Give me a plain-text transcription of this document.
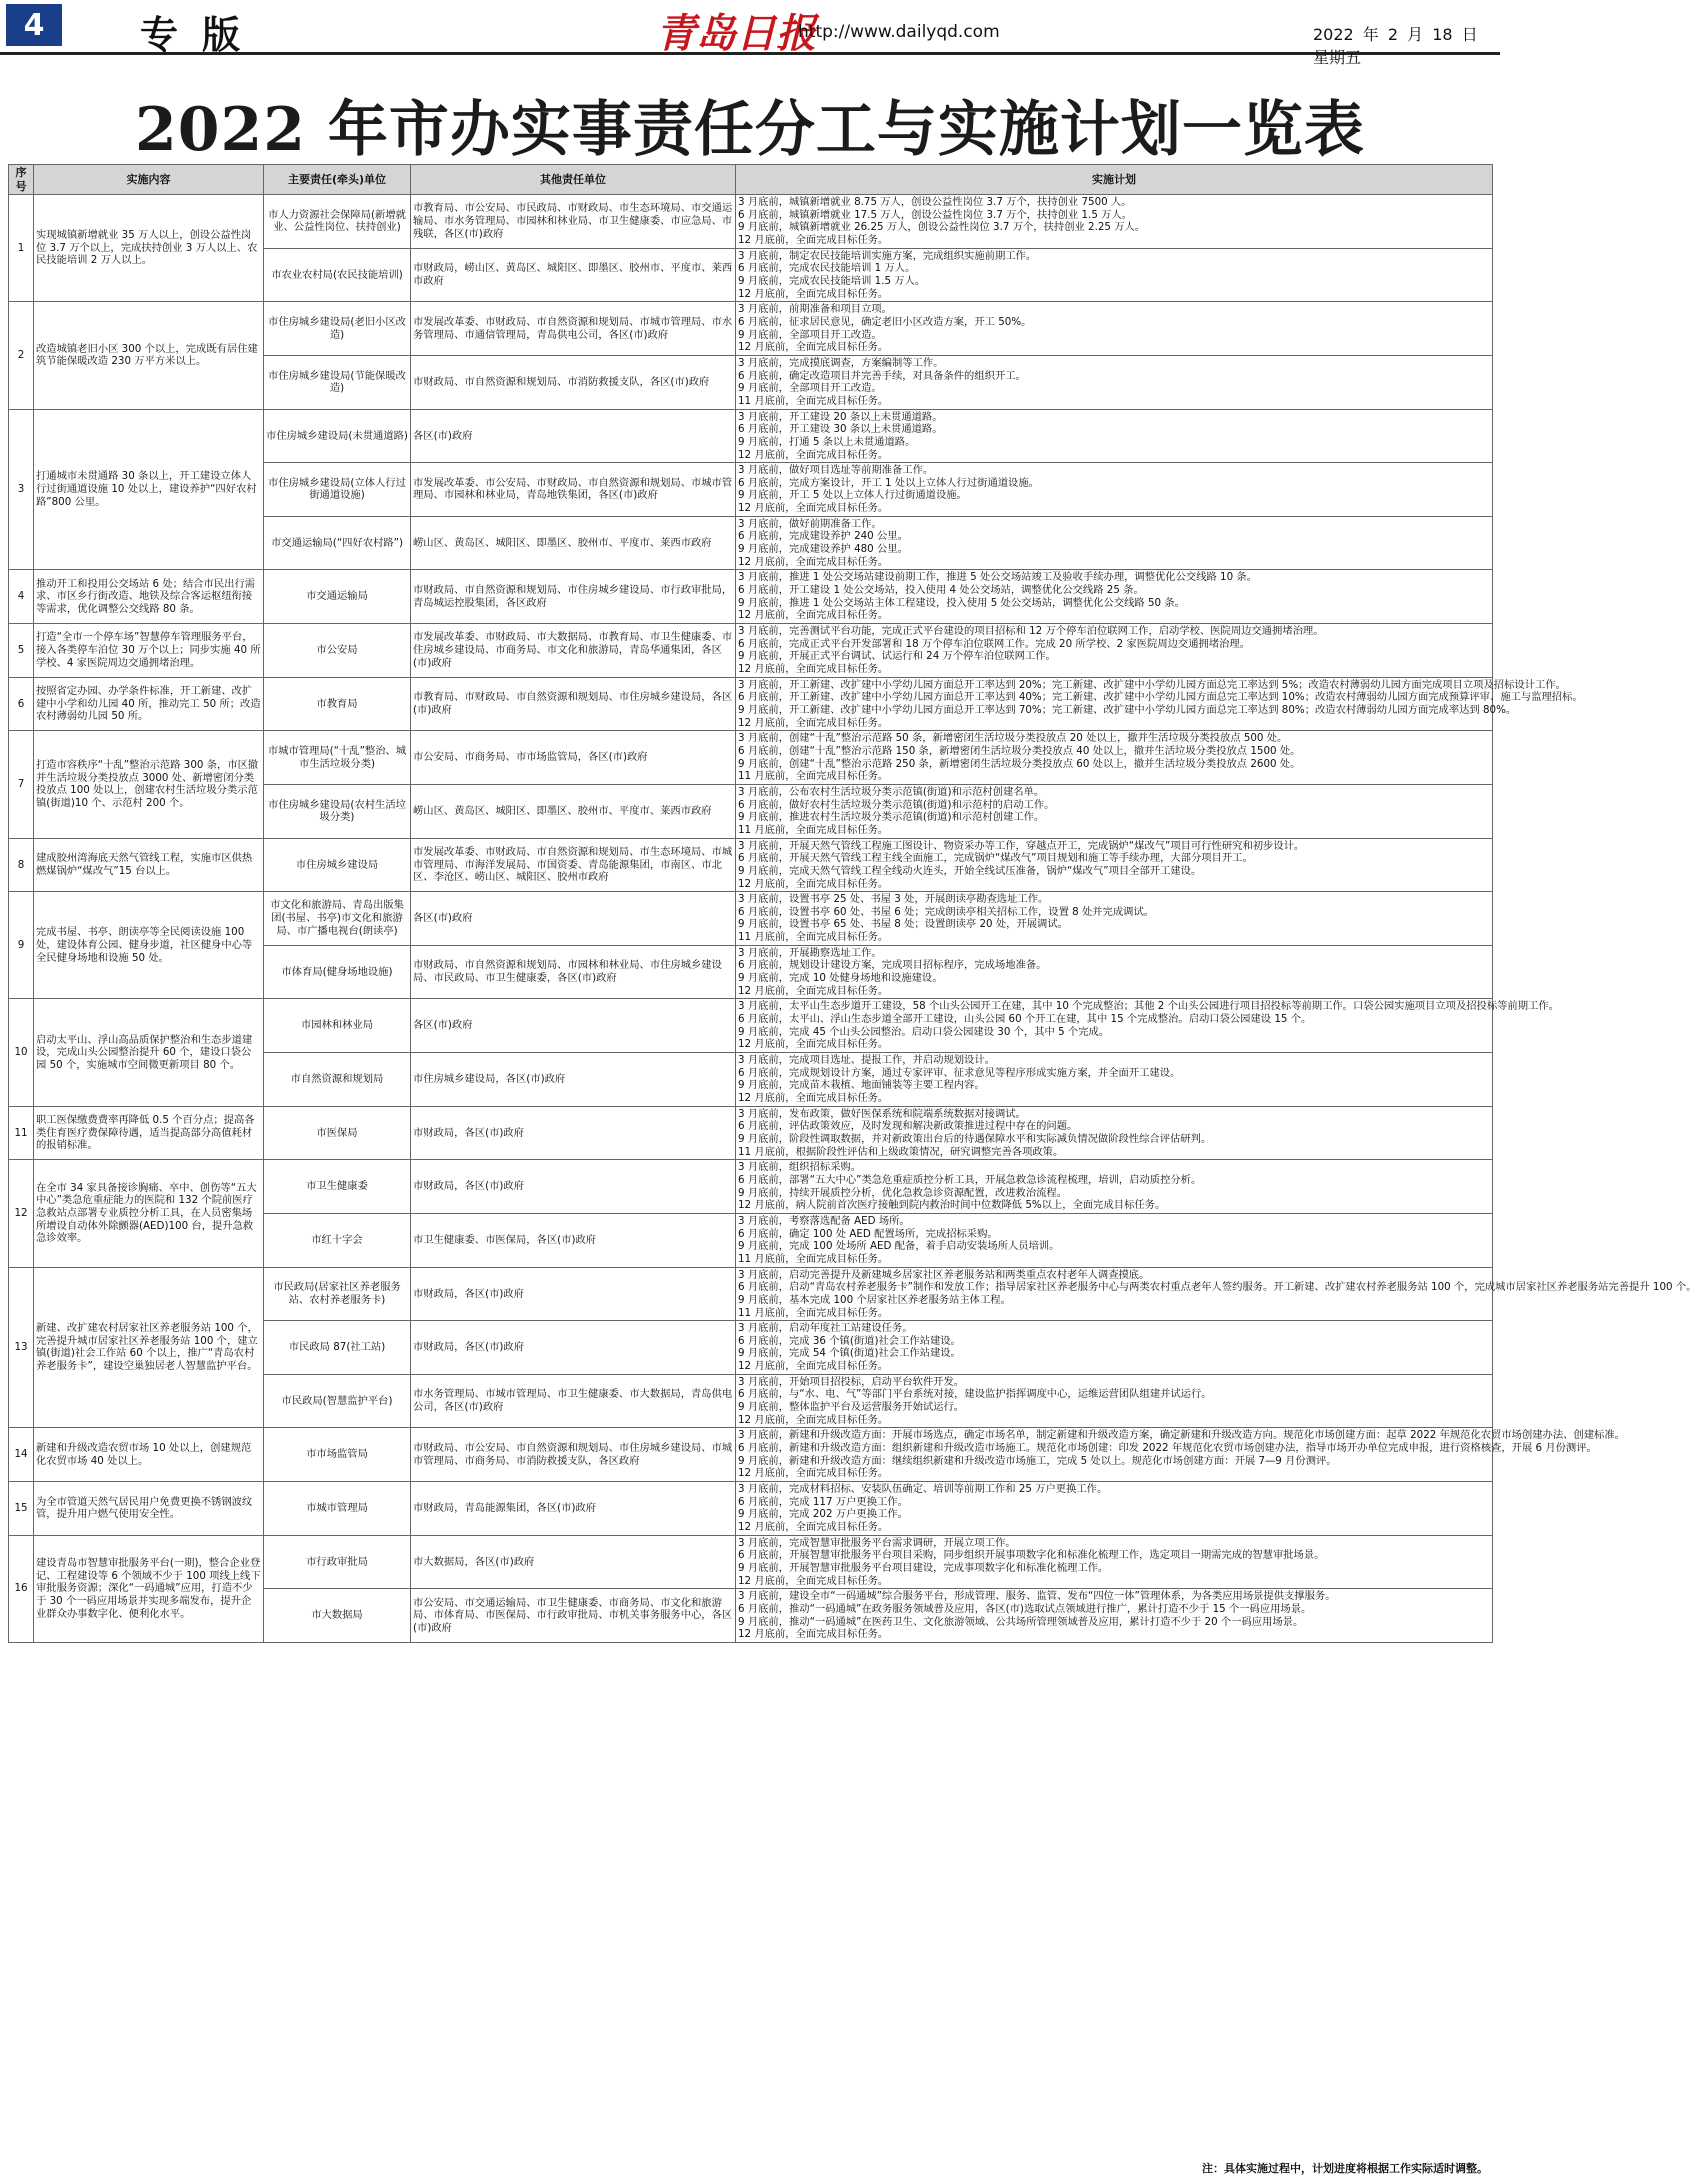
4	专版	青岛日报
http://www.dailyqd.com	2022 年 2 月 18 日 星期五
2022 年市办实事责任分工与实施计划一览表
序号	实施内容	主要责任(牵头)单位	其他责任单位	实施计划
1	实现城镇新增就业 35 万人以上，创设公益性岗位 3.7 万个以上，完成扶持创业 3 万人以上、农民技能培训 2 万人以上。	市人力资源社会保障局(新增就业、公益性岗位、扶持创业)	市教育局、市公安局、市民政局、市财政局、市生态环境局、市交通运输局、市水务管理局、市园林和林业局、市卫生健康委、市应急局、市残联，各区(市)政府	3 月底前，城镇新增就业 8.75 万人，创设公益性岗位 3.7 万个，扶持创业 7500 人。
6 月底前，城镇新增就业 17.5 万人，创设公益性岗位 3.7 万个，扶持创业 1.5 万人。
9 月底前，城镇新增就业 26.25 万人，创设公益性岗位 3.7 万个，扶持创业 2.25 万人。
12 月底前，全面完成目标任务。

		市农业农村局(农民技能培训)	市财政局，崂山区、黄岛区、城阳区、即墨区、胶州市、平度市、莱西市政府	3 月底前，制定农民技能培训实施方案，完成组织实施前期工作。
6 月底前，完成农民技能培训 1 万人。
9 月底前，完成农民技能培训 1.5 万人。
12 月底前，全面完成目标任务。

2	改造城镇老旧小区 300 个以上，完成既有居住建筑节能保暖改造 230 万平方米以上。	市住房城乡建设局(老旧小区改造)	市发展改革委、市财政局、市自然资源和规划局、市城市管理局、市水务管理局、市通信管理局，青岛供电公司，各区(市)政府	3 月底前，前期准备和项目立项。
6 月底前，征求居民意见，确定老旧小区改造方案，开工 50%。
9 月底前，全部项目开工改造。
12 月底前，全面完成目标任务。

		市住房城乡建设局(节能保暖改造)	市财政局、市自然资源和规划局、市消防救援支队，各区(市)政府	3 月底前，完成摸底调查，方案编制等工作。
6 月底前，确定改造项目并完善手续，对具备条件的组织开工。
9 月底前，全部项目开工改造。
11 月底前，全面完成目标任务。

3	打通城市未贯通路 30 条以上，开工建设立体人行过街通道设施 10 处以上，建设养护“四好农村路”800 公里。	市住房城乡建设局(未贯通道路)	各区(市)政府	3 月底前，开工建设 20 条以上未贯通道路。
6 月底前，开工建设 30 条以上未贯通道路。
9 月底前，打通 5 条以上未贯通道路。
12 月底前，全面完成目标任务。

		市住房城乡建设局(立体人行过街通道设施)	市发展改革委、市公安局、市财政局、市自然资源和规划局、市城市管理局、市园林和林业局，青岛地铁集团，各区(市)政府	3 月底前，做好项目选址等前期准备工作。
6 月底前，完成方案设计，开工 1 处以上立体人行过街通道设施。
9 月底前，开工 5 处以上立体人行过街通道设施。
12 月底前，全面完成目标任务。

		市交通运输局(“四好农村路”)	崂山区、黄岛区、城阳区、即墨区、胶州市、平度市、莱西市政府	3 月底前，做好前期准备工作。
6 月底前，完成建设养护 240 公里。
9 月底前，完成建设养护 480 公里。
12 月底前，全面完成目标任务。

4	推动开工和投用公交场站 6 处；结合市民出行需求、市区乡行街改造、地铁及综合客运枢纽衔接等需求，优化调整公交线路 80 条。	市交通运输局	市财政局、市自然资源和规划局、市住房城乡建设局、市行政审批局，青岛城运控股集团，各区政府	3 月底前，推进 1 处公交场站建设前期工作，推进 5 处公交场站竣工及验收手续办理，调整优化公交线路 10 条。
6 月底前，开工建设 1 处公交场站，投入使用 4 处公交场站，调整优化公交线路 25 条。
9 月底前，推进 1 处公交场站主体工程建设，投入使用 5 处公交场站，调整优化公交线路 50 条。
12 月底前，全面完成目标任务。

5	打造“全市一个停车场”智慧停车管理服务平台，接入各类停车泊位 30 万个以上；同步实施 40 所学校、4 家医院周边交通拥堵治理。	市公安局	市发展改革委、市财政局、市大数据局、市教育局、市卫生健康委、市住房城乡建设局、市商务局、市文化和旅游局，青岛华通集团，各区(市)政府	3 月底前，完善测试平台功能，完成正式平台建设的项目招标和 12 万个停车泊位联网工作，启动学校、医院周边交通拥堵治理。
6 月底前，完成正式平台开发部署和 18 万个停车泊位联网工作。完成 20 所学校、2 家医院周边交通拥堵治理。
9 月底前，开展正式平台调试、试运行和 24 万个停车泊位联网工作。
12 月底前，全面完成目标任务。

6	按照省定办园、办学条件标准，开工新建、改扩建中小学和幼儿园 40 所，推动完工 50 所；改造农村薄弱幼儿园 50 所。	市教育局	市教育局、市财政局、市自然资源和规划局、市住房城乡建设局，各区(市)政府	3 月底前，开工新建、改扩建中小学幼儿园方面总开工率达到 20%；完工新建、改扩建中小学幼儿园方面总完工率达到 5%；改造农村薄弱幼儿园方面完成项目立项及招标设计工作。
6 月底前，开工新建、改扩建中小学幼儿园方面总开工率达到 40%；完工新建、改扩建中小学幼儿园方面总完工率达到 10%；改造农村薄弱幼儿园方面完成预算评审、施工与监理招标。
9 月底前，开工新建、改扩建中小学幼儿园方面总开工率达到 70%；完工新建、改扩建中小学幼儿园方面总完工率达到 80%；改造农村薄弱幼儿园方面完成率达到 80%。
12 月底前，全面完成目标任务。

7	打造市容秩序“十乱”整治示范路 300 条，市区撤并生活垃圾分类投放点 3000 处、新增密闭分类投放点 100 处以上，创建农村生活垃圾分类示范镇(街道)10 个、示范村 200 个。	市城市管理局(“十乱”整治、城市生活垃圾分类)	市公安局、市商务局、市市场监管局，各区(市)政府	3 月底前，创建“十乱”整治示范路 50 条，新增密闭生活垃圾分类投放点 20 处以上，撤并生活垃圾分类投放点 500 处。
6 月底前，创建“十乱”整治示范路 150 条，新增密闭生活垃圾分类投放点 40 处以上，撤并生活垃圾分类投放点 1500 处。
9 月底前，创建“十乱”整治示范路 250 条，新增密闭生活垃圾分类投放点 60 处以上，撤并生活垃圾分类投放点 2600 处。
11 月底前，全面完成目标任务。

		市住房城乡建设局(农村生活垃圾分类)	崂山区、黄岛区、城阳区、即墨区、胶州市、平度市、莱西市政府	3 月底前，公布农村生活垃圾分类示范镇(街道)和示范村创建名单。
6 月底前，做好农村生活垃圾分类示范镇(街道)和示范村的启动工作。
9 月底前，推进农村生活垃圾分类示范镇(街道)和示范村创建工作。
11 月底前，全面完成目标任务。

8	建成胶州湾海底天然气管线工程，实施市区供热燃煤锅炉“煤改气”15 台以上。	市住房城乡建设局	市发展改革委、市财政局、市自然资源和规划局、市生态环境局、市城市管理局、市海洋发展局、市国资委、青岛能源集团，市南区、市北区、李沧区、崂山区、城阳区、胶州市政府	3 月底前，开展天然气管线工程施工图设计、物资采办等工作，穿越点开工，完成锅炉“煤改气”项目可行性研究和初步设计。
6 月底前，开展天然气管线工程主线全面施工，完成锅炉“煤改气”项目规划和施工等手续办理，大部分项目开工。
9 月底前，完成天然气管线工程全线动火连头，开始全线试压准备，锅炉“煤改气”项目全部开工建设。
12 月底前，全面完成目标任务。

9	完成书屋、书亭、朗读亭等全民阅读设施 100 处，建设体育公园、健身步道，社区健身中心等全民健身场地和设施 50 处。	市文化和旅游局、青岛出版集团(书屋、书亭)市文化和旅游局、市广播电视台(朗读亭)	各区(市)政府	3 月底前，设置书亭 25 处、书屋 3 处，开展朗读亭勘查选址工作。
6 月底前，设置书亭 60 处、书屋 6 处；完成朗读亭相关招标工作，设置 8 处并完成调试。
9 月底前，设置书亭 65 处、书屋 8 处；设置朗读亭 20 处，开展调试。
11 月底前，全面完成目标任务。

		市体育局(健身场地设施)	市财政局、市自然资源和规划局、市园林和林业局、市住房城乡建设局、市民政局、市卫生健康委，各区(市)政府	3 月底前，开展勘察选址工作。
6 月底前，规划设计建设方案，完成项目招标程序，完成场地准备。
9 月底前，完成 10 处健身场地和设施建设。
12 月底前，全面完成目标任务。

10	启动太平山、浮山高品质保护整治和生态步道建设，完成山头公园整治提升 60 个，建设口袋公园 50 个，实施城市空间微更新项目 80 个。	市园林和林业局	各区(市)政府	3 月底前，太平山生态步道开工建设，58 个山头公园开工在建，其中 10 个完成整治；其他 2 个山头公园进行项目招投标等前期工作。口袋公园实施项目立项及招投标等前期工作。
6 月底前，太平山、浮山生态步道全部开工建设，山头公园 60 个开工在建，其中 15 个完成整治。启动口袋公园建设 15 个。
9 月底前，完成 45 个山头公园整治。启动口袋公园建设 30 个，其中 5 个完成。
12 月底前，全面完成目标任务。

		市自然资源和规划局	市住房城乡建设局，各区(市)政府	3 月底前，完成项目选址、提报工作，并启动规划设计。
6 月底前，完成规划设计方案，通过专家评审、征求意见等程序形成实施方案，并全面开工建设。
9 月底前，完成苗木栽植、地面铺装等主要工程内容。
12 月底前，全面完成目标任务。

11	职工医保缴费费率再降低 0.5 个百分点；提高各类住育医疗费保障待遇，适当提高部分高值耗材的报销标准。	市医保局	市财政局，各区(市)政府	3 月底前，发布政策，做好医保系统和院端系统数据对接调试。
6 月底前，评估政策效应，及时发现和解决新政策推进过程中存在的问题。
9 月底前，阶段性调取数据，并对新政策出台后的待遇保障水平和实际减负情况做阶段性综合评估研判。
11 月底前，根据阶段性评估和上级政策情况，研究调整完善各项政策。

12	在全市 34 家具备接诊胸痛、卒中、创伤等“五大中心”类急危重症能力的医院和 132 个院前医疗急救站点部署专业质控分析工具，在人员密集场所增设自动体外除颤器(AED)100 台，提升急救急诊效率。	市卫生健康委	市财政局，各区(市)政府	3 月底前，组织招标采购。
6 月底前，部署“五大中心”类急危重症质控分析工具，开展急救急诊流程梳理，培训，启动质控分析。
9 月底前，持续开展质控分析，优化急救急诊资源配置，改进救治流程。
12 月底前，病人院前首次医疗接触到院内救治时间中位数降低 5%以上，全面完成目标任务。

		市红十字会	市卫生健康委、市医保局，各区(市)政府	3 月底前，考察落选配备 AED 场所。
6 月底前，确定 100 处 AED 配置场所，完成招标采购。
9 月底前，完成 100 处场所 AED 配备，着手启动安装场所人员培训。
11 月底前，全面完成目标任务。

13	新建、改扩建农村居家社区养老服务站 100 个，完善提升城市居家社区养老服务站 100 个，建立镇(街道)社会工作站 60 个以上，推广“青岛农村养老服务卡”，建设空巢独居老人智慧监护平台。	市民政局(居家社区养老服务站、农村养老服务卡)	市财政局，各区(市)政府	3 月底前，启动完善提升及新建城乡居家社区养老服务站和两类重点农村老年人调查摸底。
6 月底前，启动“青岛农村养老服务卡”制作和发放工作；指导居家社区养老服务中心与两类农村重点老年人签约服务。开工新建、改扩建农村养老服务站 100 个，完成城市居家社区养老服务站完善提升 100 个。
9 月底前，基本完成 100 个居家社区养老服务站主体工程。
11 月底前，全面完成目标任务。

		市民政局 87(社工站)	市财政局，各区(市)政府	3 月底前，启动年度社工站建设任务。
6 月底前，完成 36 个镇(街道)社会工作站建设。
9 月底前，完成 54 个镇(街道)社会工作站建设。
12 月底前，全面完成目标任务。

		市民政局(智慧监护平台)	市水务管理局、市城市管理局、市卫生健康委、市大数据局，青岛供电公司，各区(市)政府	3 月底前，开始项目招投标，启动平台软件开发。
6 月底前，与“水、电、气”等部门平台系统对接，建设监护指挥调度中心，运维运营团队组建并试运行。
9 月底前，整体监护平台及运营服务开始试运行。
12 月底前，全面完成目标任务。

14	新建和升级改造农贸市场 10 处以上，创建规范化农贸市场 40 处以上。	市市场监管局	市财政局、市公安局、市自然资源和规划局、市住房城乡建设局、市城市管理局、市商务局、市消防救援支队，各区政府	3 月底前，新建和升级改造方面：开展市场选点，确定市场名单，制定新建和升级改造方案，确定新建和升级改造方向。规范化市场创建方面：起草 2022 年规范化农贸市场创建办法、创建标准。
6 月底前，新建和升级改造方面：组织新建和升级改造市场施工。规范化市场创建：印发 2022 年规范化农贸市场创建办法，指导市场开办单位完成申报，进行资格核查，开展 6 月份测评。
9 月底前，新建和升级改造方面：继续组织新建和升级改造市场施工，完成 5 处以上。规范化市场创建方面：开展 7—9 月份测评。
12 月底前，全面完成目标任务。

15	为全市管道天然气居民用户免费更换不锈钢波纹管，提升用户燃气使用安全性。	市城市管理局	市财政局，青岛能源集团，各区(市)政府	3 月底前，完成材料招标、安装队伍确定、培训等前期工作和 25 万户更换工作。
6 月底前，完成 117 万户更换工作。
9 月底前，完成 202 万户更换工作。
12 月底前，全面完成目标任务。

16	建设青岛市智慧审批服务平台(一期)，整合企业登记、工程建设等 6 个领域不少于 100 项线上线下审批服务资源；深化“一码通城”应用，打造不少于 30 个一码应用场景并实现多端发布，提升企业群众办事数字化、便利化水平。	市行政审批局	市大数据局，各区(市)政府	3 月底前，完成智慧审批服务平台需求调研，开展立项工作。
6 月底前，开展智慧审批服务平台项目采购，同步组织开展事项数字化和标准化梳理工作，选定项目一期需完成的智慧审批场景。
9 月底前，开展智慧审批服务平台项目建设，完成事项数字化和标准化梳理工作。
12 月底前，全面完成目标任务。

		市大数据局	市公安局、市交通运输局、市卫生健康委、市商务局、市文化和旅游局、市体育局、市医保局、市行政审批局、市机关事务服务中心，各区(市)政府	3 月底前，建设全市“一码通城”综合服务平台，形成管理、服务、监管、发布“四位一体”管理体系，为各类应用场景提供支撑服务。
6 月底前，推动“一码通城”在政务服务领域普及应用，各区(市)选取试点领域进行推广，累计打造不少于 15 个一码应用场景。
9 月底前，推动“一码通城”在医药卫生、文化旅游领域、公共场所管理领域普及应用，累计打造不少于 20 个一码应用场景。
12 月底前，全面完成目标任务。
注：具体实施过程中，计划进度将根据工作实际适时调整。
